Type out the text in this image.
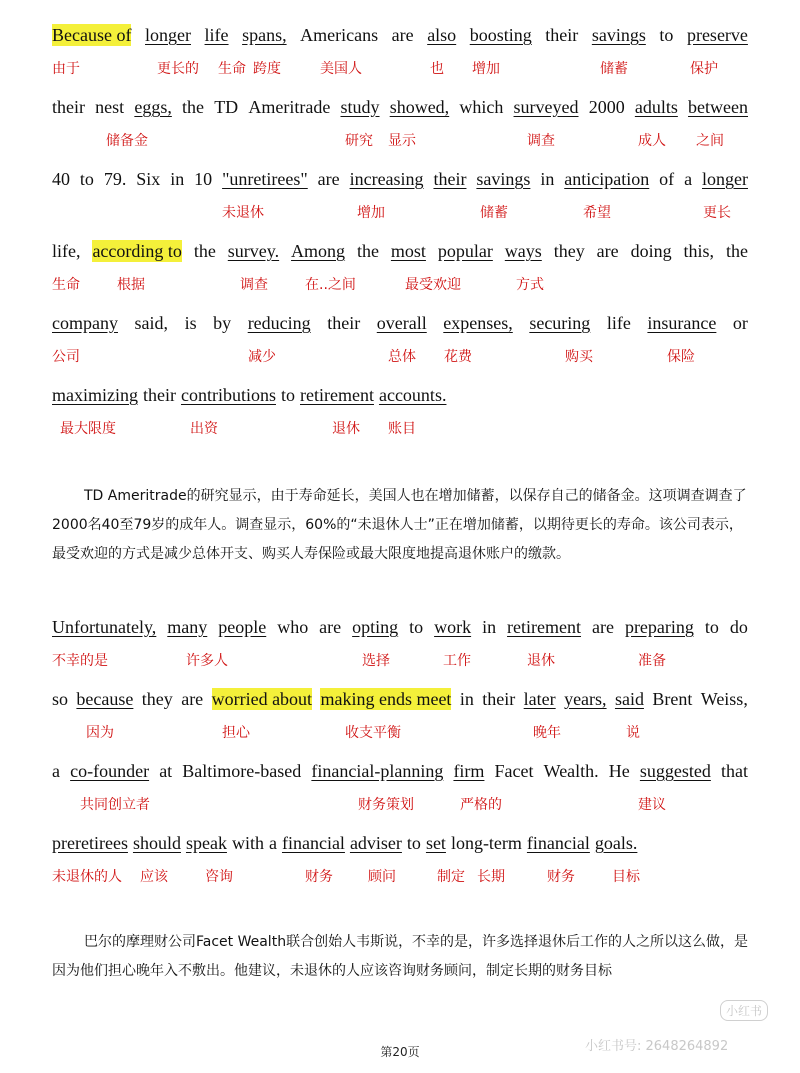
Because of longer life spans, Americans are also boosting their savings to preserve
由于	更长的 生命 跨度	美国人	也 增加	储蓄	保护
their nest eggs, the TD Ameritrade study showed, which surveyed 2000 adults between
储备金	研究 显示	调查	成人 之间
40 to 79. Six in 10 "unretirees" are increasing their savings in anticipation of a longer
未退休	增加	储蓄	希望	更长
life, according to the survey. Among the most popular ways they are doing this, the
生命	根据	调查	在..之间	最受欢迎	方式
company said, is by reducing their overall expenses, securing life insurance or
公司	减少	总体 花费	购买	保险
maximizing their contributions to retirement accounts.
最大限度	出资	退休 账目
Unfortunately, many people who are opting to work in retirement are preparing to do
不幸的是	许多人	选择	工作	退休	准备
so because they are worried about making ends meet in their later years, said Brent Weiss,
因为	担心	收支平衡	晚年	说
a co-founder at Baltimore-based financial-planning firm Facet Wealth. He suggested that
共同创立者	财务策划	严格的	建议
preretirees should speak with a financial adviser to set long-term financial goals.
未退休的人 应该	咨询	财务	顾问	制定 长期	财务	目标
TD Ameritrade的研究显示，由于寿命延长，美国人也在增加储蓄，以保存自己的储备金。这项调查调查了2000名40至79岁的成年人。调查显示，60%的“未退休人士”正在增加储蓄，以期待更长的寿命。该公司表示，最受欢迎的方式是减少总体开支、购买人寿保险或最大限度地提高退休账户的缴款。
巴尔的摩理财公司Facet Wealth联合创始人韦斯说，不幸的是，许多选择退休后工作的人之所以这么做，是因为他们担心晚年入不敷出。他建议，未退休的人应该咨询财务顾问，制定长期的财务目标
第20页
小红书
小红书号: 2648264892
